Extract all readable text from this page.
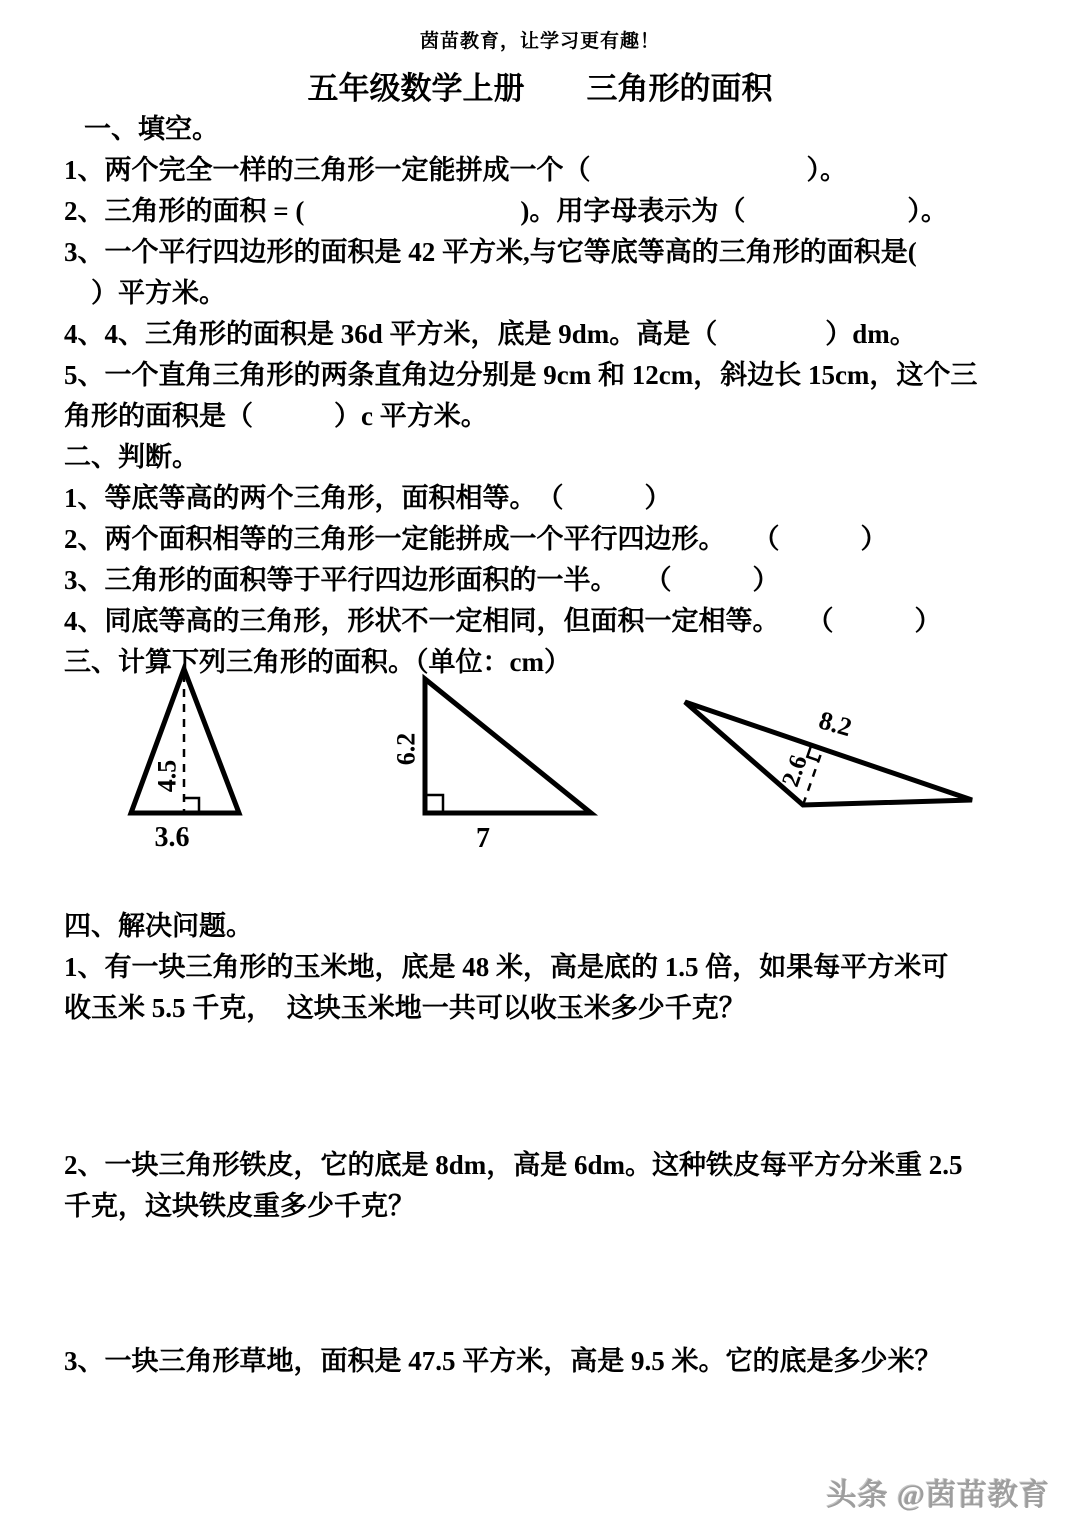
茵苗教育，让学习更有趣！
五年级数学上册　　三角形的面积
一、填空。
1、两个完全一样的三角形一定能拼成一个（　　　　　　　　）。
2、三角形的面积 = (　　　　　　　　)。用字母表示为（　　　　　　）。
3、一个平行四边形的面积是 42 平方米,与它等底等高的三角形的面积是(
　）平方米。
4、4、三角形的面积是 36d 平方米，底是 9dm。高是（　　　　）dm。
5、一个直角三角形的两条直角边分别是 9cm 和 12cm，斜边长 15cm，这个三
角形的面积是（　　　）c 平方米。
二、判断。
1、等底等高的两个三角形，面积相等。　（　　　）
2、两个面积相等的三角形一定能拼成一个平行四边形。　　（　　　）
3、三角形的面积等于平行四边形面积的一半。　　（　　　）
4、同底等高的三角形，形状不一定相同，但面积一定相等。　　（　　　）
三、计算下列三角形的面积。（单位：cm）
4.5
3.6
6.2
7
8.2
2.6
四、解决问题。
1、有一块三角形的玉米地，底是 48 米，高是底的 1.5 倍，如果每平方米可
收玉米 5.5 千克，　这块玉米地一共可以收玉米多少千克？
2、一块三角形铁皮，它的底是 8dm，高是 6dm。这种铁皮每平方分米重 2.5
千克，这块铁皮重多少千克？
3、一块三角形草地，面积是 47.5 平方米，高是 9.5 米。它的底是多少米？
头条 @茵苗教育
